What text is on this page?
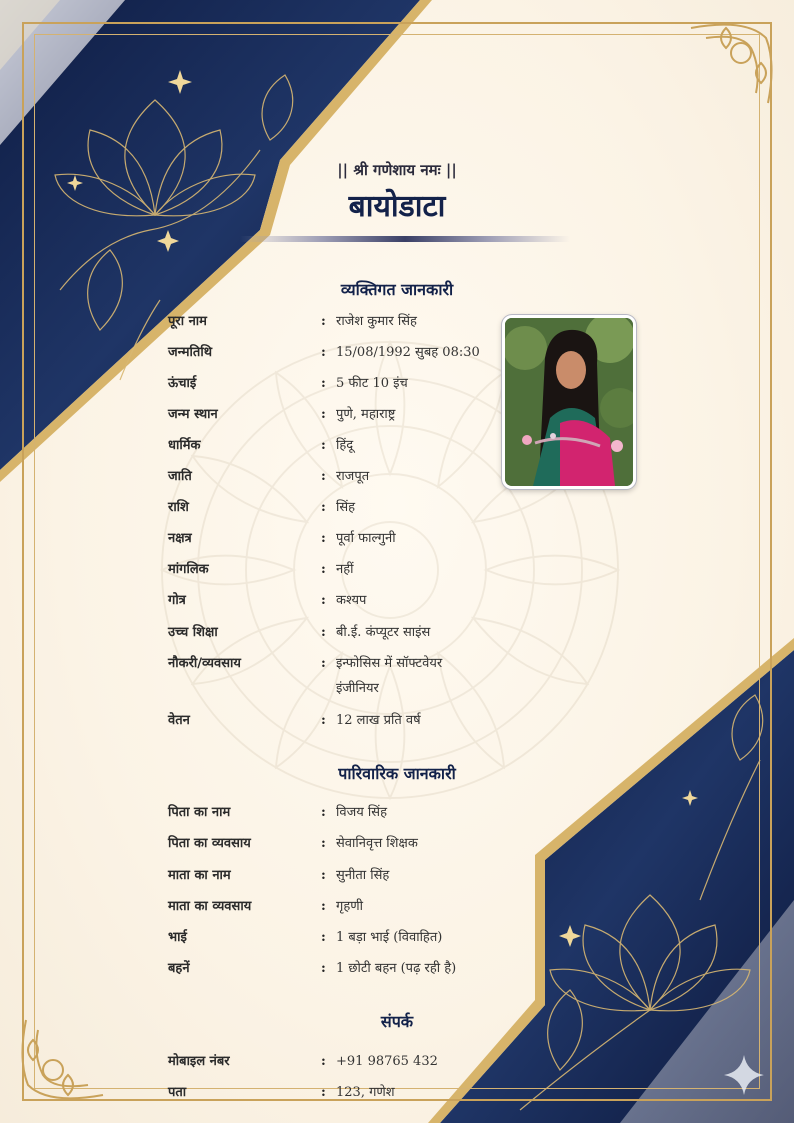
|| श्री गणेशाय नमः ||
बायोडाटा
व्यक्तिगत जानकारी
पूरा नाम	: राजेश कुमार सिंह
जन्मतिथि	: 15/08/1992 सुबह 08:30
ऊंचाई	: 5 फीट 10 इंच
जन्म स्थान	: पुणे, महाराष्ट्र
धार्मिक	: हिंदू
जाति	: राजपूत
राशि	: सिंह
नक्षत्र	: पूर्वा फाल्गुनी
मांगलिक	: नहीं
गोत्र	: कश्यप
उच्च शिक्षा	: बी.ई. कंप्यूटर साइंस
नौकरी/व्यवसाय	: इन्फोसिस में सॉफ्टवेयर इंजीनियर
वेतन	: 12 लाख प्रति वर्ष
पारिवारिक जानकारी
पिता का नाम	: विजय सिंह
पिता का व्यवसाय	: सेवानिवृत्त शिक्षक
माता का नाम	: सुनीता सिंह
माता का व्यवसाय	: गृहणी
भाई	: 1 बड़ा भाई (विवाहित)
बहनें	: 1 छोटी बहन (पढ़ रही है)
संपर्क
मोबाइल नंबर	: +91 98765 432
पता	: 123, गणेश
